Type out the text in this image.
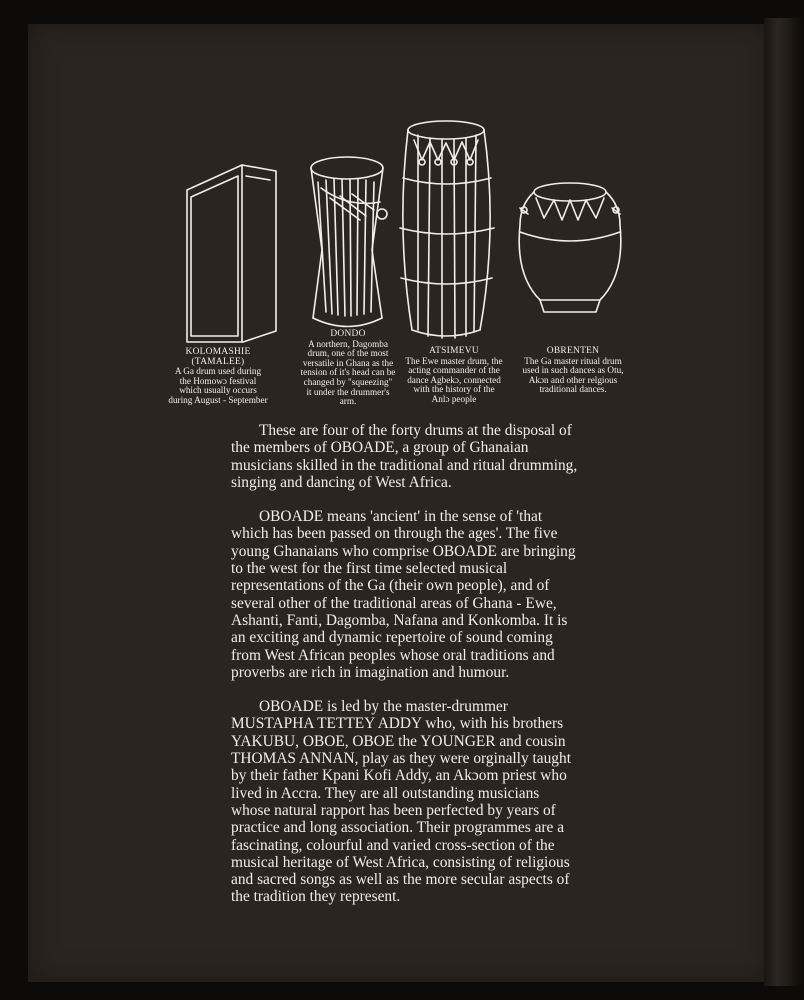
KOLOMASHIE
(TAMALEE)
A Ga drum used during
the Homowɔ festival
which usually occurs
during August - September
DONDO
A northern, Dagomba
drum, one of the most
versatile in Ghana as the
tension of it's head can be
changed by "squeezing"
it under the drummer's
arm.
ATSIMEVU
The Ewe master drum, the
acting commander of the
dance Agbekɔ, connected
with the history of the
Anlɔ people
OBRENTEN
The Ga master ritual drum
used in such dances as Otu,
Akɔn and other relgious
traditional dances.

These are four of the forty drums at the disposal of the members of OBOADE, a group of Ghanaian musicians skilled in the traditional and ritual drumming, singing and dancing of West Africa.

OBOADE means 'ancient' in the sense of 'that which has been passed on through the ages'. The five young Ghanaians who comprise OBOADE are bringing to the west for the first time selected musical representations of the Ga (their own people), and of several other of the traditional areas of Ghana - Ewe, Ashanti, Fanti, Dagomba, Nafana and Konkomba. It is an exciting and dynamic repertoire of sound coming from West African peoples whose oral traditions and proverbs are rich in imagination and humour.

OBOADE is led by the master-drummer MUSTAPHA TETTEY ADDY who, with his brothers YAKUBU, OBOE, OBOE the YOUNGER and cousin THOMAS ANNAN, play as they were orginally taught by their father Kpani Kofi Addy, an Akɔom priest who lived in Accra. They are all outstanding musicians whose natural rapport has been perfected by years of practice and long association. Their programmes are a fascinating, colourful and varied cross-section of the musical heritage of West Africa, consisting of religious and sacred songs as well as the more secular aspects of the tradition they represent.
